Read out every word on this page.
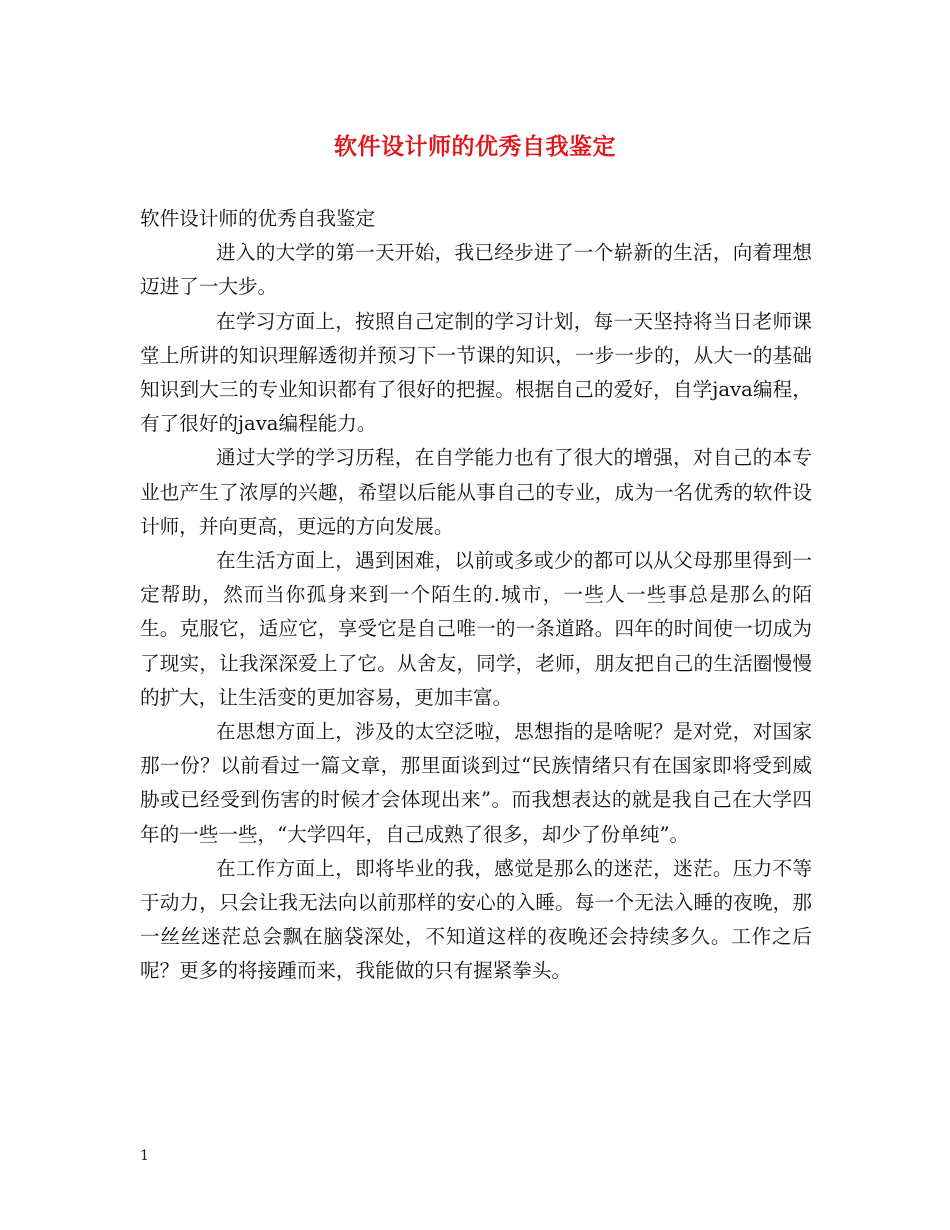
软件设计师的优秀自我鉴定

软件设计师的优秀自我鉴定

进入的大学的第一天开始，我已经步进了一个崭新的生活，向着理想迈进了一大步。

在学习方面上，按照自己定制的学习计划，每一天坚持将当日老师课堂上所讲的知识理解透彻并预习下一节课的知识，一步一步的，从大一的基础知识到大三的专业知识都有了很好的把握。根据自己的爱好，自学java编程，有了很好的java编程能力。

通过大学的学习历程，在自学能力也有了很大的增强，对自己的本专业也产生了浓厚的兴趣，希望以后能从事自己的专业，成为一名优秀的软件设计师，并向更高，更远的方向发展。

在生活方面上，遇到困难，以前或多或少的都可以从父母那里得到一定帮助，然而当你孤身来到一个陌生的.城市，一些人一些事总是那么的陌生。克服它，适应它，享受它是自己唯一的一条道路。四年的时间使一切成为了现实，让我深深爱上了它。从舍友，同学，老师，朋友把自己的生活圈慢慢的扩大，让生活变的更加容易，更加丰富。

在思想方面上，涉及的太空泛啦，思想指的是啥呢？是对党，对国家那一份？以前看过一篇文章，那里面谈到过“民族情绪只有在国家即将受到威胁或已经受到伤害的时候才会体现出来”。而我想表达的就是我自己在大学四年的一些一些，“大学四年，自己成熟了很多，却少了份单纯”。

在工作方面上，即将毕业的我，感觉是那么的迷茫，迷茫。压力不等于动力，只会让我无法向以前那样的安心的入睡。每一个无法入睡的夜晚，那一丝丝迷茫总会飘在脑袋深处，不知道这样的夜晚还会持续多久。工作之后呢？更多的将接踵而来，我能做的只有握紧拳头。

1
